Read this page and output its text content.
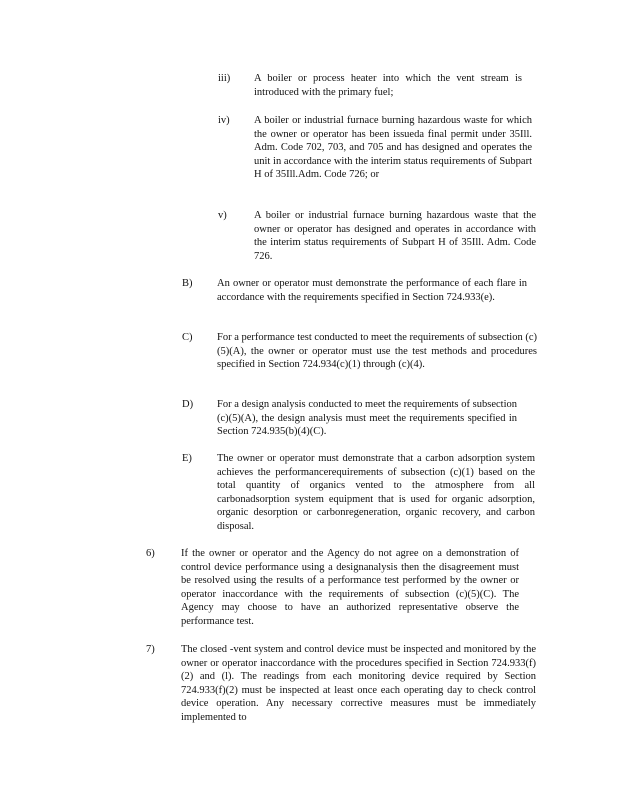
iii) A boiler or process heater into which the vent stream is introduced with the primary fuel;
iv) A boiler or industrial furnace burning hazardous waste for which the owner or operator has been issueda final permit under 35Ill. Adm. Code 702, 703, and 705 and has designed and operates the unit in accordance with the interim status requirements of Subpart H of 35Ill.Adm. Code 726; or
v)	A boiler or industrial furnace burning hazardous waste that the owner or operator has designed and operates in accordance with the interim status requirements of Subpart H of 35Ill. Adm. Code 726.
B) An owner or operator must demonstrate the performance of each flare in accordance with the requirements specified in Section 724.933(e).
C) For a performance test conducted to meet the requirements of subsection (c)(5)(A), the owner or operator must use the test methods and procedures specified in Section 724.934(c)(1) through (c)(4).
D) For a design analysis conducted to meet the requirements of subsection (c)(5)(A), the design analysis must meet the requirements specified in Section 724.935(b)(4)(C).
E) The owner or operator must demonstrate that a carbon adsorption system achieves the performancerequirements of subsection (c)(1) based on the total quantity of organics vented to the atmosphere from all carbonadsorption system equipment that is used for organic adsorption, organic desorption or carbonregeneration, organic recovery, and carbon disposal.
6)	If the owner or operator and the Agency do not agree on a demonstration of control device performance using a designanalysis then the disagreement must be resolved using the results of a performance test performed by the owner or operator inaccordance with the requirements of subsection (c)(5)(C). The Agency may choose to have an authorized representative observe the performance test.
7)	The closed -vent system and control device must be inspected and monitored by the owner or operator inaccordance with the procedures specified in Section 724.933(f)(2) and (l). The readings from each monitoring device required by Section 724.933(f)(2) must be inspected at least once each operating day to check control device operation. Any necessary corrective measures must be immediately implemented to
